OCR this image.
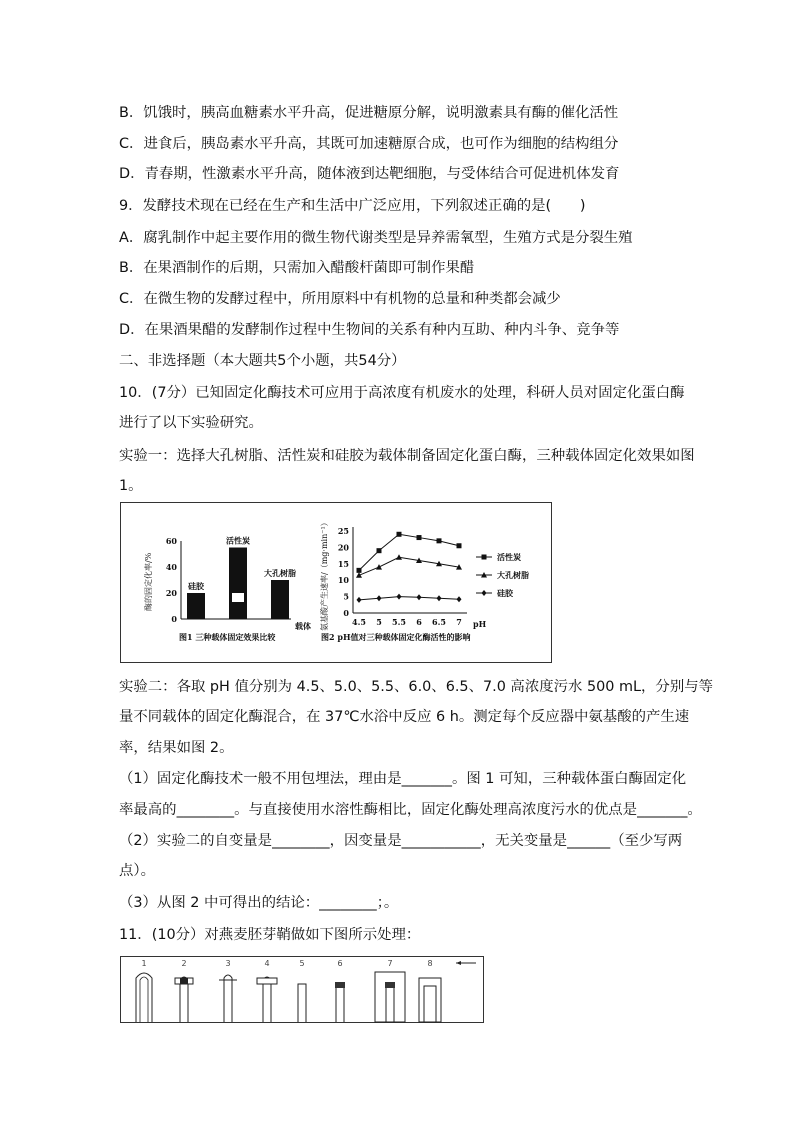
B．饥饿时，胰高血糖素水平升高，促进糖原分解，说明激素具有酶的催化活性
C．进食后，胰岛素水平升高，其既可加速糖原合成，也可作为细胞的结构组分
D．青春期，性激素水平升高，随体液到达靶细胞，与受体结合可促进机体发育
9．发酵技术现在已经在生产和生活中广泛应用，下列叙述正确的是(　　)
A．腐乳制作中起主要作用的微生物代谢类型是异养需氧型，生殖方式是分裂生殖
B．在果酒制作的后期，只需加入醋酸杆菌即可制作果醋
C．在微生物的发酵过程中，所用原料中有机物的总量和种类都会减少
D．在果酒果醋的发酵制作过程中生物间的关系有种内互助、种内斗争、竞争等
二、非选择题（本大题共5个小题，共54分）
10．(7分）已知固定化酶技术可应用于高浓度有机废水的处理，科研人员对固定化蛋白酶
进行了以下实验研究。
实验一：选择大孔树脂、活性炭和硅胶为载体制备固定化蛋白酶，三种载体固定化效果如图
1。
酶的固定化率/%
载体
0
20
40
60
硅胶
活性炭
大孔树脂
图1 三种载体固定效果比较
氨基酸产生速率/（mg·min⁻¹）	pH
0
5
10
15
20
25
4.5 5 5.5 6 6.5 7
活性炭
大孔树脂
硅胶
图2 pH值对三种载体固定化酶活性的影响
实验二：各取 pH 值分别为 4.5、5.0、5.5、6.0、6.5、7.0 高浓度污水 500 mL，分别与等
量不同载体的固定化酶混合，在 37℃水浴中反应 6 h。测定每个反应器中氨基酸的产生速
率，结果如图 2。
（1）固定化酶技术一般不用包埋法，理由是_______。图 1 可知，三种载体蛋白酶固定化
率最高的________。与直接使用水溶性酶相比，固定化酶处理高浓度污水的优点是_______。
（2）实验二的自变量是________，因变量是___________，无关变量是______（至少写两
点）。
（3）从图 2 中可得出的结论：________；。
11．(10分）对燕麦胚芽鞘做如下图所示处理：
1	2	3	4	5	6	7	8
